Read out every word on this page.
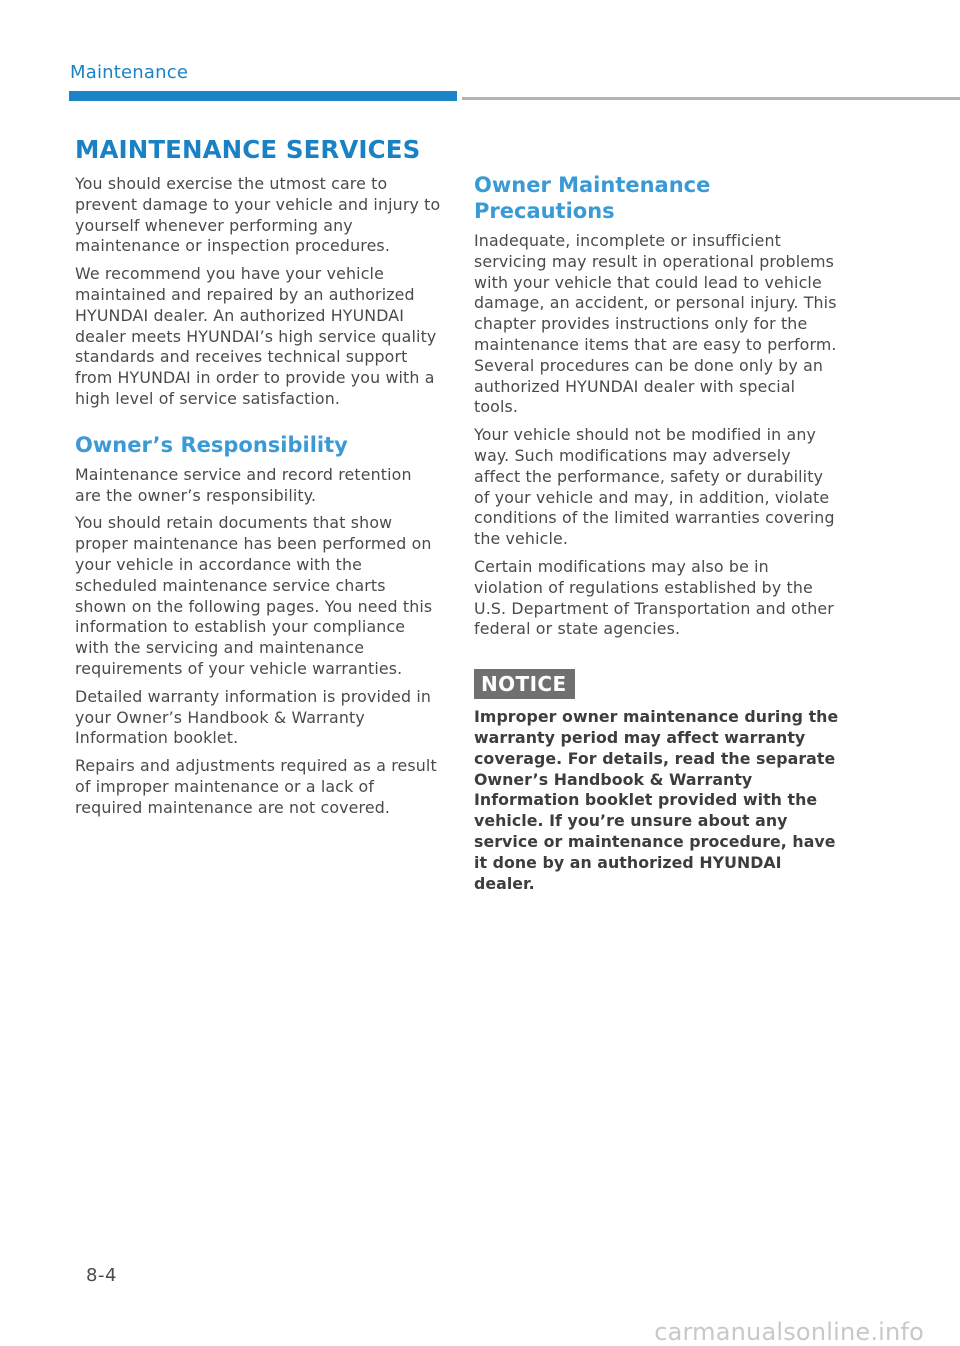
Maintenance
MAINTENANCE SERVICES

You should exercise the utmost care to prevent damage to your vehicle and injury to yourself whenever performing any maintenance or inspection procedures.

We recommend you have your vehicle maintained and repaired by an authorized HYUNDAI dealer. An authorized HYUNDAI dealer meets HYUNDAI’s high service quality standards and receives technical support from HYUNDAI in order to provide you with a high level of service satisfaction.

Owner’s Responsibility

Maintenance service and record retention are the owner’s responsibility.

You should retain documents that show proper maintenance has been performed on your vehicle in accordance with the scheduled maintenance service charts shown on the following pages. You need this information to establish your compliance with the servicing and maintenance requirements of your vehicle warranties.

Detailed warranty information is provided in your Owner’s Handbook & Warranty Information booklet.

Repairs and adjustments required as a result of improper maintenance or a lack of required maintenance are not covered.

Owner Maintenance Precautions

Inadequate, incomplete or insufficient servicing may result in operational problems with your vehicle that could lead to vehicle damage, an accident, or personal injury. This chapter provides instructions only for the maintenance items that are easy to perform. Several procedures can be done only by an authorized HYUNDAI dealer with special tools.

Your vehicle should not be modified in any way. Such modifications may adversely affect the performance, safety or durability of your vehicle and may, in addition, violate conditions of the limited warranties covering the vehicle.

Certain modifications may also be in violation of regulations established by the U.S. Department of Transportation and other federal or state agencies.

NOTICE
Improper owner maintenance during the warranty period may affect warranty coverage. For details, read the separate Owner’s Handbook & Warranty Information booklet provided with the vehicle. If you’re unsure about any service or maintenance procedure, have it done by an authorized HYUNDAI dealer.
8-4
carmanualsonline.info
